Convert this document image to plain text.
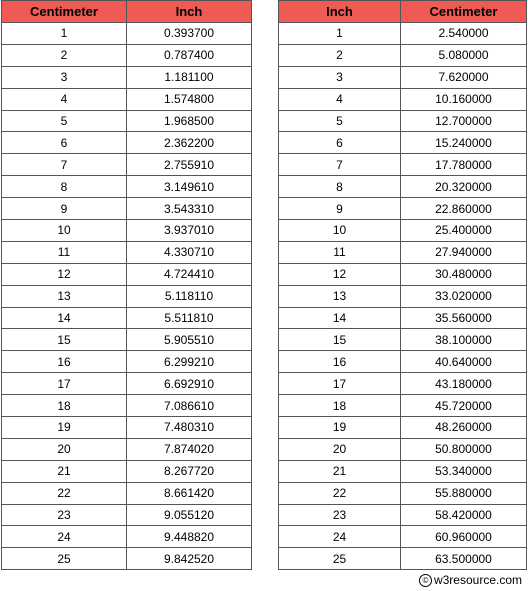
Centimeter	Inch
1	0.393700
2	0.787400
3	1.181100
4	1.574800
5	1.968500
6	2.362200
7	2.755910
8	3.149610
9	3.543310
10	3.937010
11	4.330710
12	4.724410
13	5.118110
14	5.511810
15	5.905510
16	6.299210
17	6.692910
18	7.086610
19	7.480310
20	7.874020
21	8.267720
22	8.661420
23	9.055120
24	9.448820
25	9.842520
Inch	Centimeter
1	2.540000
2	5.080000
3	7.620000
4	10.160000
5	12.700000
6	15.240000
7	17.780000
8	20.320000
9	22.860000
10	25.400000
11	27.940000
12	30.480000
13	33.020000
14	35.560000
15	38.100000
16	40.640000
17	43.180000
18	45.720000
19	48.260000
20	50.800000
21	53.340000
22	55.880000
23	58.420000
24	60.960000
25	63.500000
© w3resource.com
